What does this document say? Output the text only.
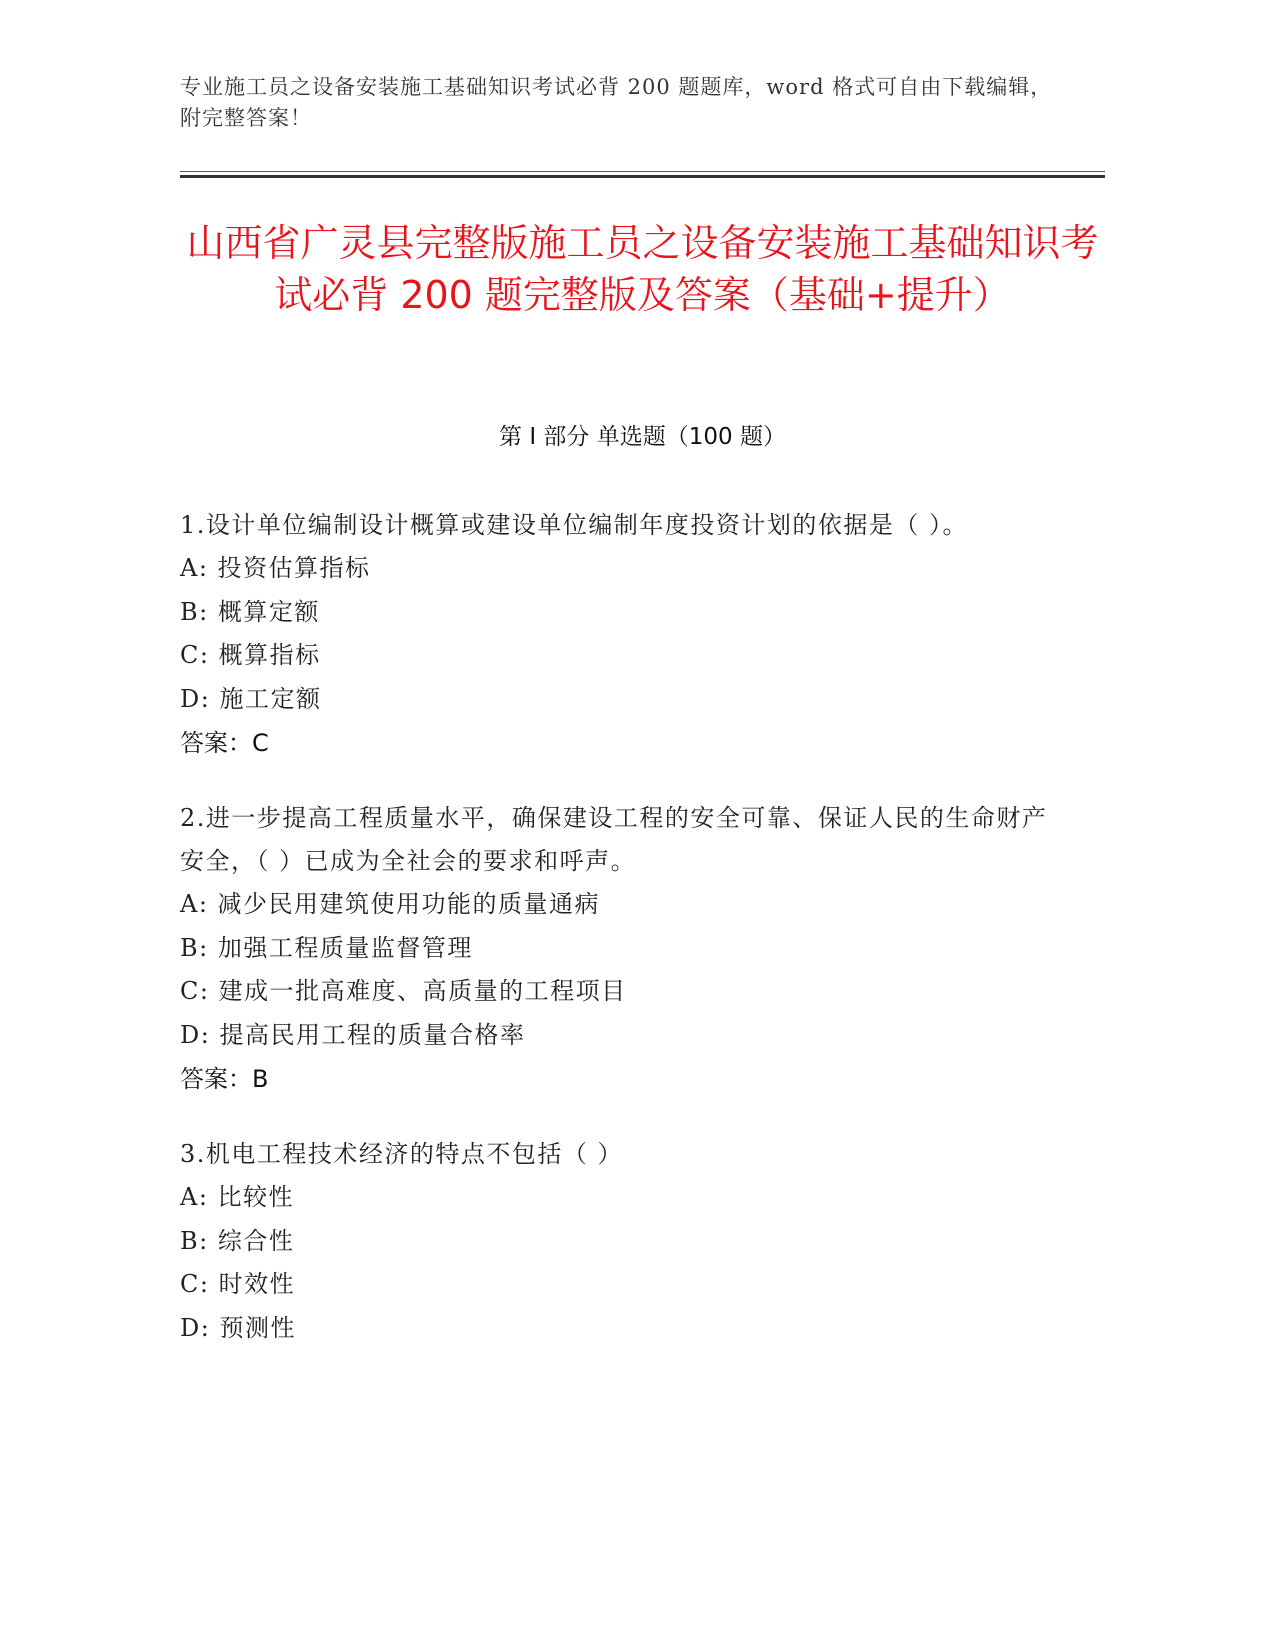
专业施工员之设备安装施工基础知识考试必背 200 题题库，word 格式可自由下载编辑，附完整答案！
山西省广灵县完整版施工员之设备安装施工基础知识考试必背 200 题完整版及答案（基础+提升）
第 I 部分 单选题（100 题）
1.设计单位编制设计概算或建设单位编制年度投资计划的依据是（ ）。
A: 投资估算指标
B: 概算定额
C: 概算指标
D: 施工定额
答案：C
2.进一步提高工程质量水平，确保建设工程的安全可靠、保证人民的生命财产安全，（ ）已成为全社会的要求和呼声。
A: 减少民用建筑使用功能的质量通病
B: 加强工程质量监督管理
C: 建成一批高难度、高质量的工程项目
D: 提高民用工程的质量合格率
答案：B
3.机电工程技术经济的特点不包括（ ）
A: 比较性
B: 综合性
C: 时效性
D: 预测性
